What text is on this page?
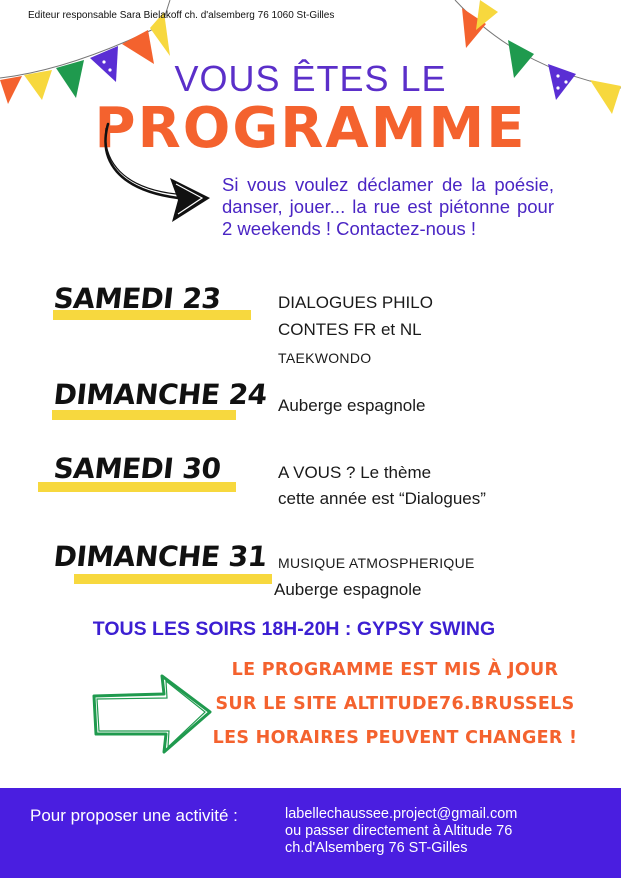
Editeur responsable Sara Bielakoff ch. d'alsemberg 76 1060 St-Gilles
VOUS ÊTES LE
PROGRAMME
Si vous voulez déclamer de la poésie, danser, jouer... la rue est piétonne pour 2 weekends ! Contactez-nous !
SAMEDI 23	DIALOGUES PHILO
CONTES FR et NL
TAEKWONDO
DIMANCHE 24 Auberge espagnole
SAMEDI 30	A VOUS ? Le thème
cette année est “Dialogues”
DIMANCHE 31 MUSIQUE ATMOSPHERIQUE
Auberge espagnole
TOUS LES SOIRS 18H-20H : GYPSY SWING
LE PROGRAMME EST MIS À JOUR
SUR LE SITE ALTITUDE76.BRUSSELS
LES HORAIRES PEUVENT CHANGER !
Pour proposer une activité :	labellechaussee.project@gmail.com
ou passer directement à Altitude 76
ch.d'Alsemberg 76 ST-Gilles
